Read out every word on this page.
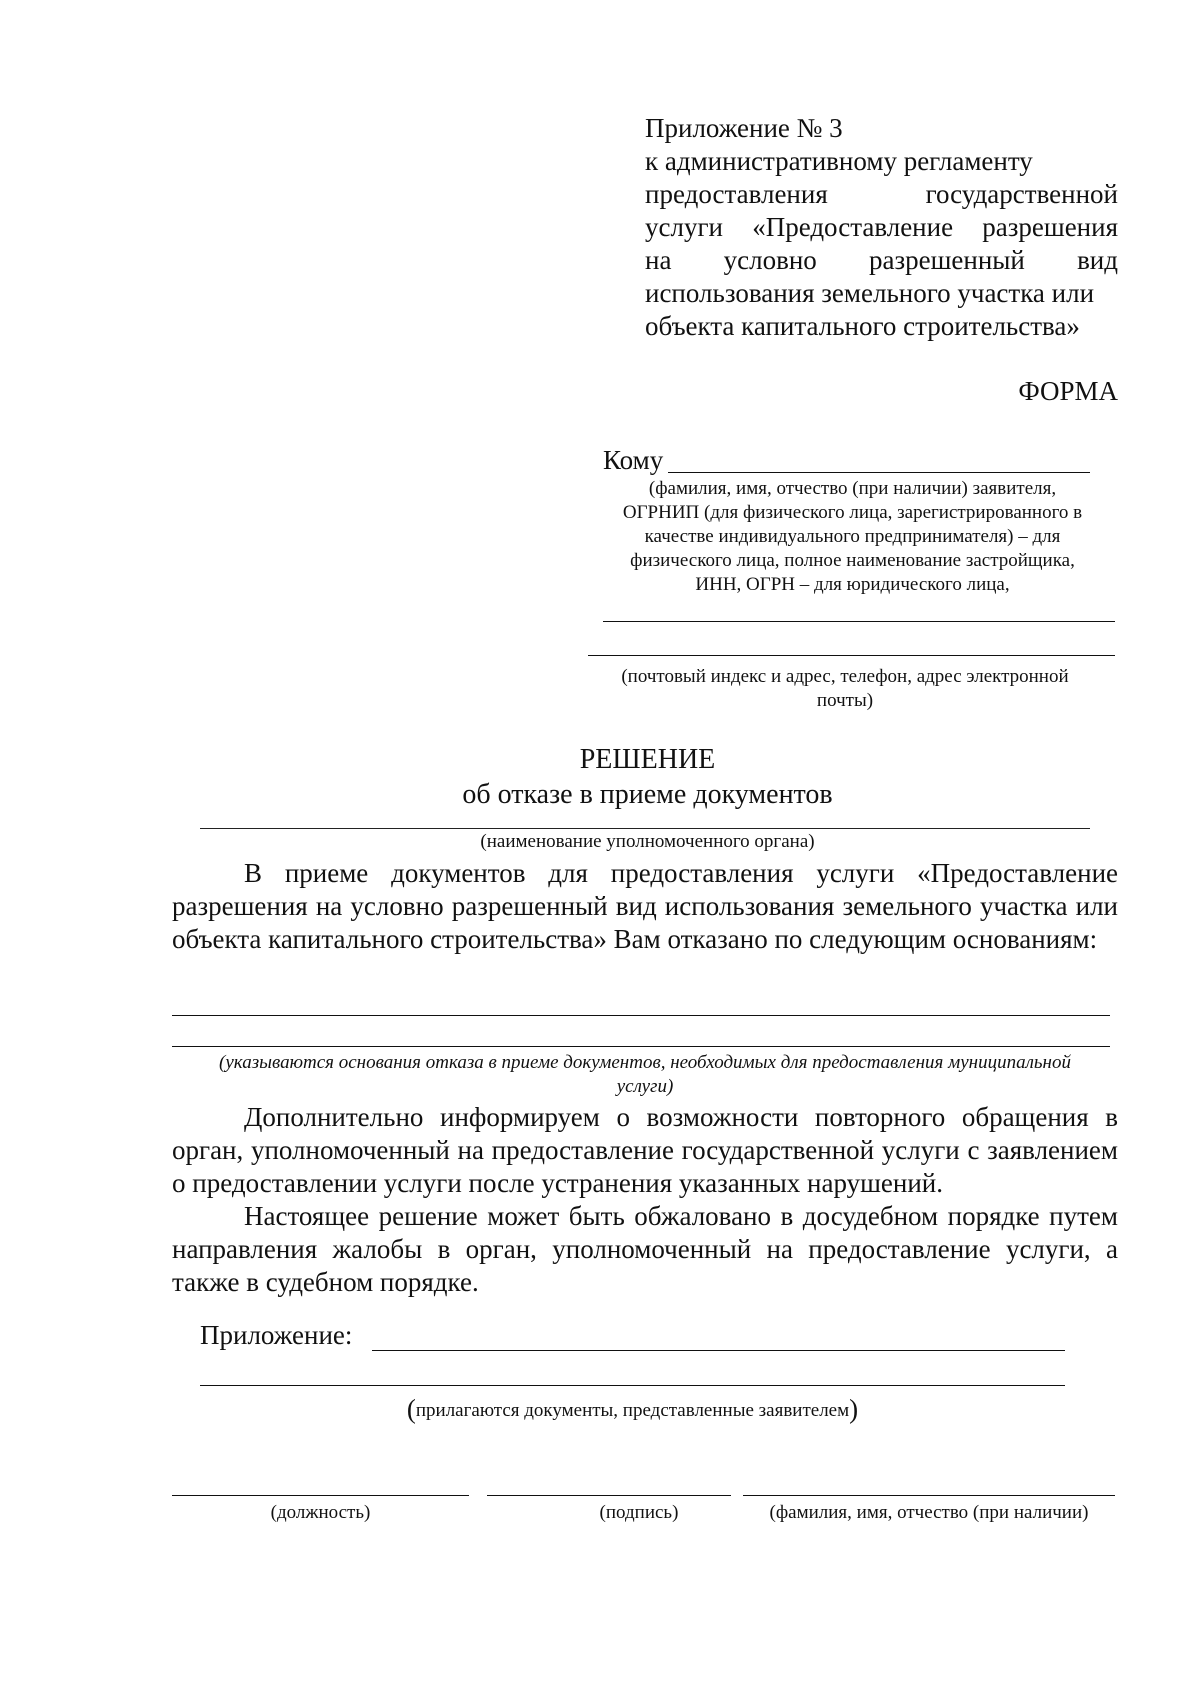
Приложение № 3
к административному регламенту
предоставления государственной
услуги «Предоставление разрешения
на условно разрешенный вид
использования земельного участка или
объекта капитального строительства»
ФОРМА
Кому
(фамилия, имя, отчество (при наличии) заявителя,
ОГРНИП (для физического лица, зарегистрированного в
качестве индивидуального предпринимателя) – для
физического лица, полное наименование застройщика,
ИНН, ОГРН – для юридического лица,
(почтовый индекс и адрес, телефон, адрес электронной
почты)
РЕШЕНИЕ
об отказе в приеме документов
(наименование уполномоченного органа)
В приеме документов для предоставления услуги «Предоставление разрешения на условно разрешенный вид использования земельного участка или объекта капитального строительства» Вам отказано по следующим основаниям:
(указываются основания отказа в приеме документов, необходимых для предоставления муниципальной
услуги)
Дополнительно информируем о возможности повторного обращения в орган, уполномоченный на предоставление государственной услуги с заявлением о предоставлении услуги после устранения указанных нарушений.
Настоящее решение может быть обжаловано в досудебном порядке путем направления жалобы в орган, уполномоченный на предоставление услуги, а также в судебном порядке.
Приложение:
(прилагаются документы, представленные заявителем)
(должность)	(подпись)	(фамилия, имя, отчество (при наличии)
